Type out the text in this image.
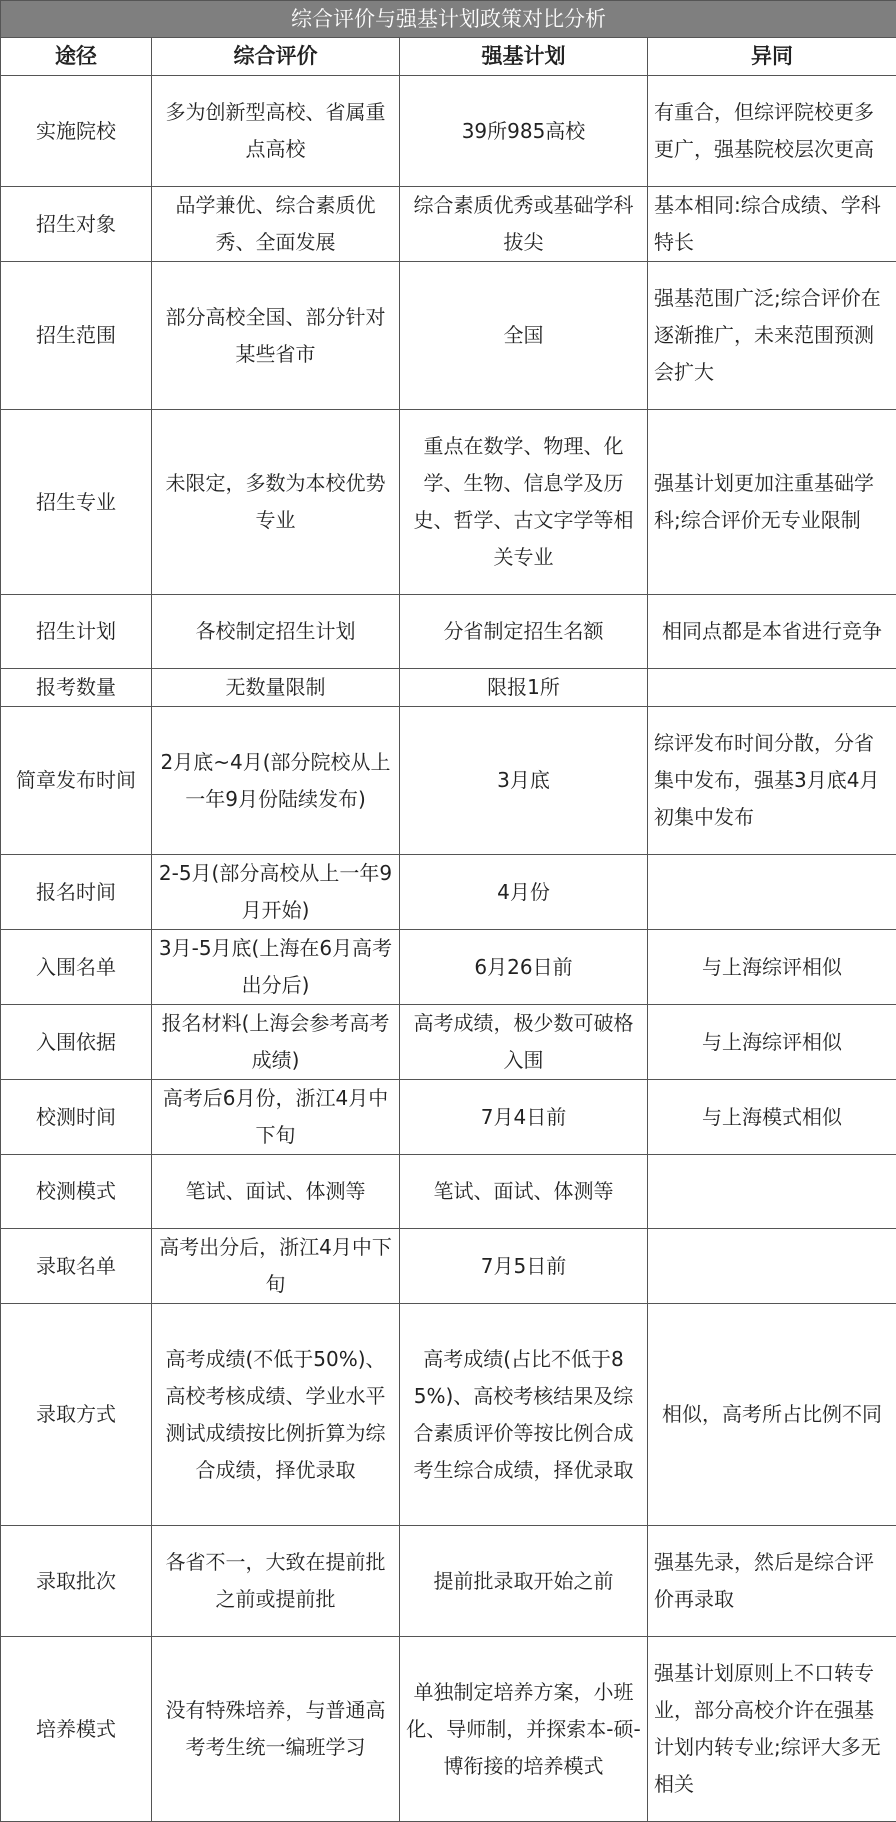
综合评价与强基计划政策对比分析			
途径	综合评价	强基计划	异同
实施院校	多为创新型高校、省属重点高校	39所985高校	有重合，但综评院校更多更广，强基院校层次更高
招生对象	品学兼优、综合素质优秀、全面发展	综合素质优秀或基础学科拔尖	基本相同:综合成绩、学科特长
招生范围	部分高校全国、部分针对某些省市	全国	强基范围广泛;综合评价在逐渐推广，未来范围预测会扩大
招生专业	未限定，多数为本校优势专业	重点在数学、物理、化学、生物、信息学及历史、哲学、古文字学等相关专业	强基计划更加注重基础学科;综合评价无专业限制
招生计划	各校制定招生计划	分省制定招生名额	相同点都是本省进行竞争
报考数量	无数量限制	限报1所	
简章发布时间	2月底~4月(部分院校从上一年9月份陆续发布)	3月底	综评发布时间分散，分省集中发布，强基3月底4月初集中发布
报名时间	2-5月(部分高校从上一年9月开始)	4月份	
入围名单	3月-5月底(上海在6月高考出分后)	6月26日前	与上海综评相似
入围依据	报名材料(上海会参考高考成绩)	高考成绩，极少数可破格入围	与上海综评相似
校测时间	高考后6月份，浙江4月中下旬	7月4日前	与上海模式相似
校测模式	笔试、面试、体测等	笔试、面试、体测等	
录取名单	高考出分后，浙江4月中下旬	7月5日前	
录取方式	高考成绩(不低于50%)、高校考核成绩、学业水平测试成绩按比例折算为综合成绩，择优录取	高考成绩(占比不低于85%)、高校考核结果及综合素质评价等按比例合成考生综合成绩，择优录取	相似，高考所占比例不同
录取批次	各省不一，大致在提前批之前或提前批	提前批录取开始之前	强基先录，然后是综合评价再录取
培养模式	没有特殊培养，与普通高考考生统一编班学习	单独制定培养方案，小班化、导师制，并探索本-硕-博衔接的培养模式	强基计划原则上不口转专业，部分高校介许在强基计划内转专业;综评大多无相关
